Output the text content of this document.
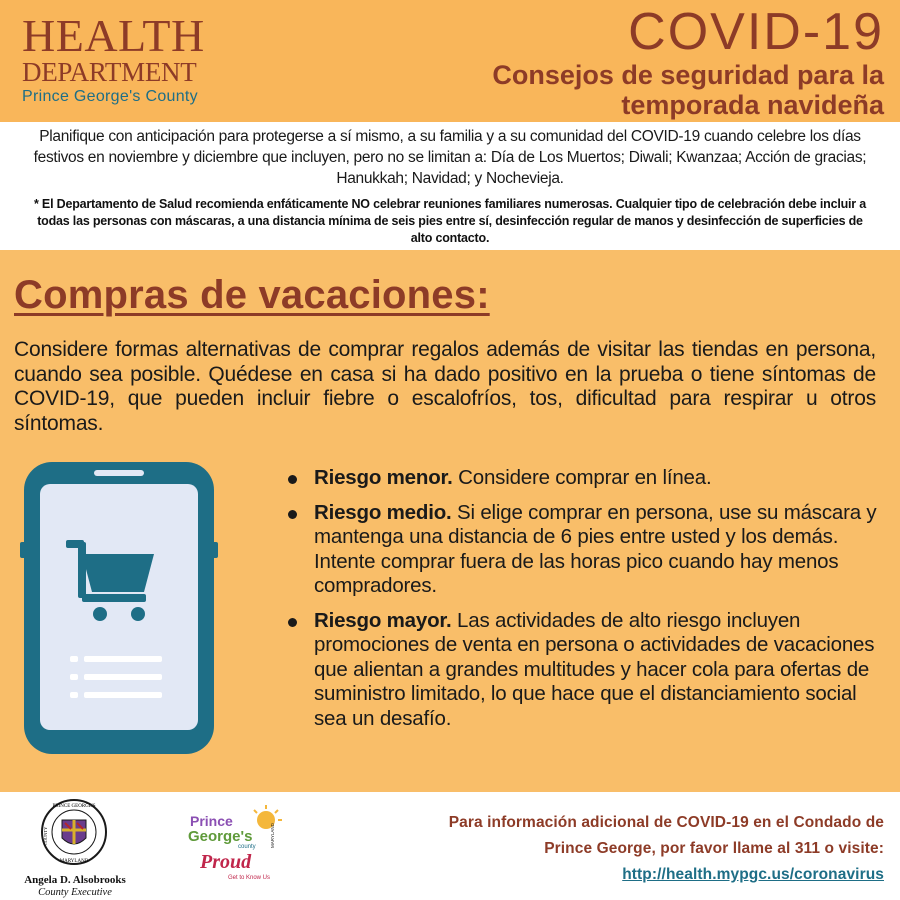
HEALTH
DEPARTMENT
Prince George's County
COVID-19
Consejos de seguridad para la
temporada navideña

Planifique con anticipación para protegerse a sí mismo, a su familia y a su comunidad del COVID-19 cuando celebre los días festivos en noviembre y diciembre que incluyen, pero no se limitan a: Día de Los Muertos; Diwali; Kwanzaa; Acción de gracias; Hanukkah; Navidad; y Nochevieja.

* El Departamento de Salud recomienda enfáticamente NO celebrar reuniones familiares numerosas. Cualquier tipo de celebración debe incluir a todas las personas con máscaras, a una distancia mínima de seis pies entre sí, desinfección regular de manos y desinfección de superficies de alto contacto.

Compras de vacaciones:

Considere formas alternativas de comprar regalos además de visitar las tiendas en persona, cuando sea posible. Quédese en casa si ha dado positivo en la prueba o tiene síntomas de COVID-19, que pueden incluir fiebre o escalofríos, tos, dificultad para respirar u otros síntomas.

Riesgo menor. Considere comprar en línea.
Riesgo medio. Si elige comprar en persona, use su máscara y mantenga una distancia de 6 pies entre usted y los demás. Intente comprar fuera de las horas pico cuando hay menos compradores.
Riesgo mayor. Las actividades de alto riesgo incluyen promociones de venta en persona o actividades de vacaciones que alientan a grandes multitudes y hacer cola para ofertas de suministro limitado, lo que hace que el distanciamiento social sea un desafío.
PRINCE GEORGE'S
COUNTY
MARYLAND
Angela D. Alsobrooks
County Executive
Prince
George's
county
Proud
Get to Know Us
MARYLAND
Para información adicional de COVID-19 en el Condado de
Prince George, por favor llame al 311 o visite:
http://health.mypgc.us/coronavirus
